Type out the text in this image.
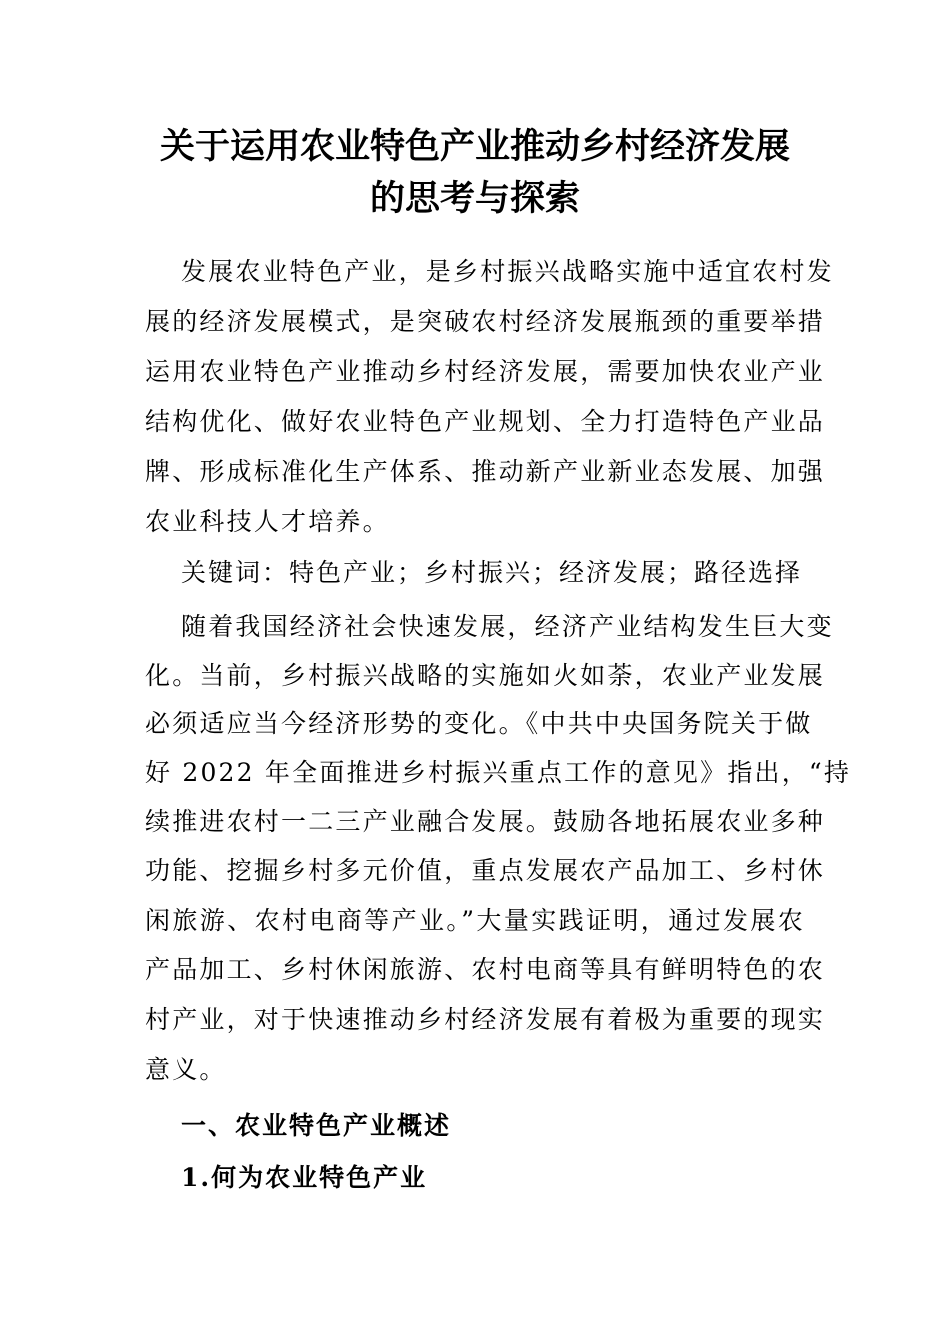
关于运用农业特色产业推动乡村经济发展
的思考与探索
发展农业特色产业，是乡村振兴战略实施中适宜农村发
展的经济发展模式，是突破农村经济发展瓶颈的重要举措
运用农业特色产业推动乡村经济发展，需要加快农业产业
结构优化、做好农业特色产业规划、全力打造特色产业品
牌、形成标准化生产体系、推动新产业新业态发展、加强
农业科技人才培养。
关键词：特色产业；乡村振兴；经济发展；路径选择
随着我国经济社会快速发展，经济产业结构发生巨大变
化。当前，乡村振兴战略的实施如火如荼，农业产业发展
必须适应当今经济形势的变化。《中共中央国务院关于做
好 2022 年全面推进乡村振兴重点工作的意见》指出，“持
续推进农村一二三产业融合发展。鼓励各地拓展农业多种
功能、挖掘乡村多元价值，重点发展农产品加工、乡村休
闲旅游、农村电商等产业。”大量实践证明，通过发展农
产品加工、乡村休闲旅游、农村电商等具有鲜明特色的农
村产业，对于快速推动乡村经济发展有着极为重要的现实
意义。
一、农业特色产业概述
1.何为农业特色产业
